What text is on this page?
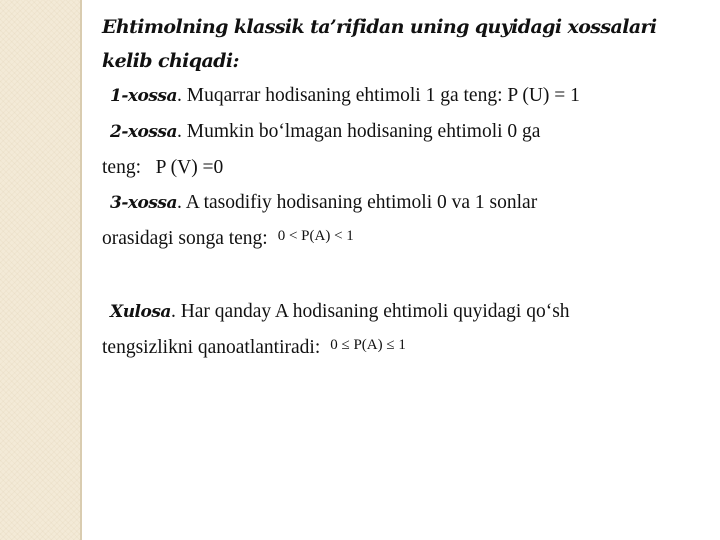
Ehtimolning klassik ta’rifidan uning quyidagi xossalari kelib chiqadi:

1-xossa. Muqarrar hodisaning ehtimoli 1 ga teng: P (U) = 1

2-xossa. Mumkin bo‘lmagan hodisaning ehtimoli 0 ga

teng:   P (V) =0

3-xossa. A tasodifiy hodisaning ehtimoli 0 va 1 sonlar

orasidagi songa teng: $^{0 < P(A) < 1}$

Xulosa. Har qanday A hodisaning ehtimoli quyidagi qo‘sh

tengsizlikni qanoatlantiradi: $^{0 \le P(A) \le 1}$
